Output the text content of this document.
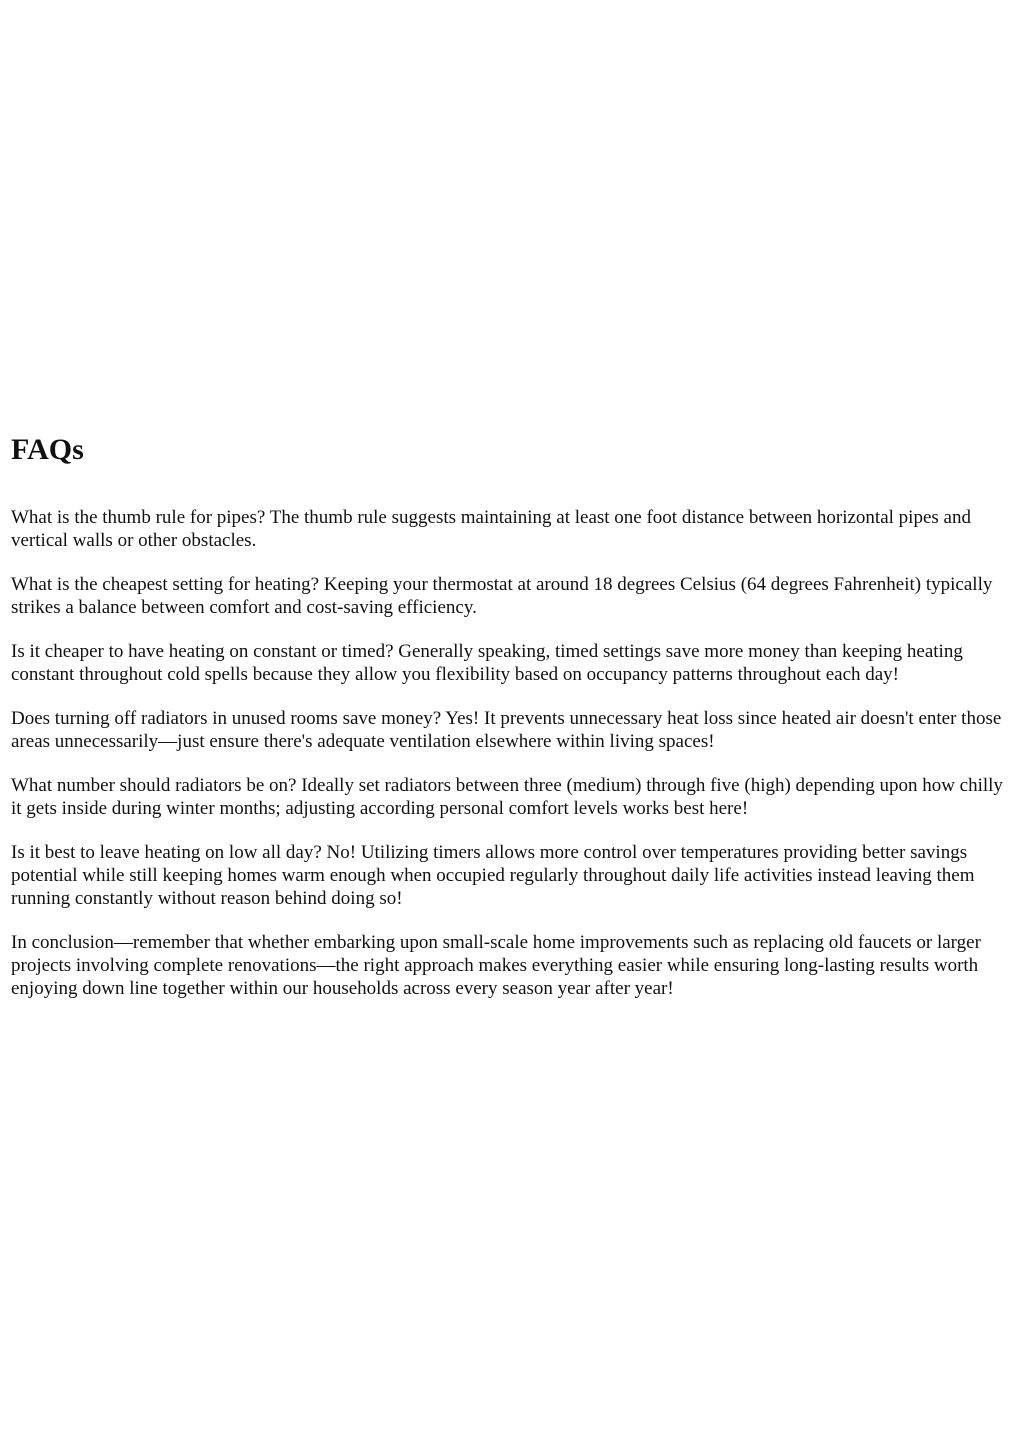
FAQs

What is the thumb rule for pipes? The thumb rule suggests maintaining at least one foot distance between horizontal pipes and vertical walls or other obstacles.

What is the cheapest setting for heating? Keeping your thermostat at around 18 degrees Celsius (64 degrees Fahrenheit) typically strikes a balance between comfort and cost-saving efficiency.

Is it cheaper to have heating on constant or timed? Generally speaking, timed settings save more money than keeping heating constant throughout cold spells because they allow you flexibility based on occupancy patterns throughout each day!

Does turning off radiators in unused rooms save money? Yes! It prevents unnecessary heat loss since heated air doesn't enter those areas unnecessarily—just ensure there's adequate ventilation elsewhere within living spaces!

What number should radiators be on? Ideally set radiators between three (medium) through five (high) depending upon how chilly it gets inside during winter months; adjusting according personal comfort levels works best here!

Is it best to leave heating on low all day? No! Utilizing timers allows more control over temperatures providing better savings potential while still keeping homes warm enough when occupied regularly throughout daily life activities instead leaving them running constantly without reason behind doing so!

In conclusion—remember that whether embarking upon small-scale home improvements such as replacing old faucets or larger projects involving complete renovations—the right approach makes everything easier while ensuring long-lasting results worth enjoying down line together within our households across every season year after year!
